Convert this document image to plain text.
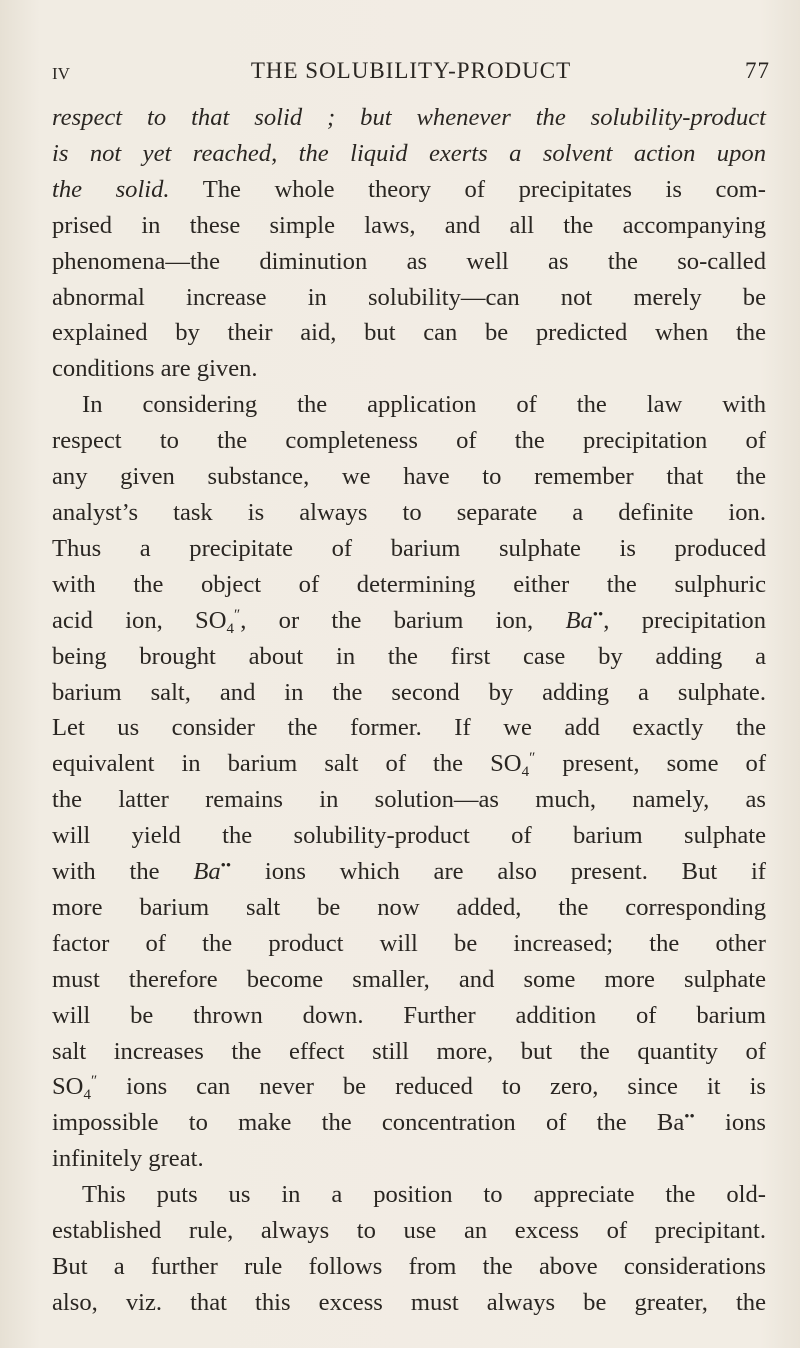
IV	THE SOLUBILITY-PRODUCT	77
respect to that solid ; but whenever the solubility-product
is not yet reached, the liquid exerts a solvent action upon
the solid. The whole theory of precipitates is com-
prised in these simple laws, and all the accompanying
phenomena—the diminution as well as the so-called
abnormal increase in solubility—can not merely be
explained by their aid, but can be predicted when the
conditions are given.
In considering the application of the law with
respect to the completeness of the precipitation of
any given substance, we have to remember that the
analyst’s task is always to separate a definite ion.
Thus a precipitate of barium sulphate is produced
with the object of determining either the sulphuric
acid ion, $SO_4''$, or the barium ion, Ba••, precipitation
being brought about in the first case by adding a
barium salt, and in the second by adding a sulphate.
Let us consider the former. If we add exactly the
equivalent in barium salt of the $SO_4''$ present, some of
the latter remains in solution—as much, namely, as
will yield the solubility-product of barium sulphate
with the Ba•• ions which are also present. But if
more barium salt be now added, the corresponding
factor of the product will be increased; the other
must therefore become smaller, and some more sulphate
will be thrown down. Further addition of barium
salt increases the effect still more, but the quantity of
$SO_4''$ ions can never be reduced to zero, since it is
impossible to make the concentration of the Ba•• ions
infinitely great.
This puts us in a position to appreciate the old-
established rule, always to use an excess of precipitant.
But a further rule follows from the above considerations
also, viz. that this excess must always be greater, the
